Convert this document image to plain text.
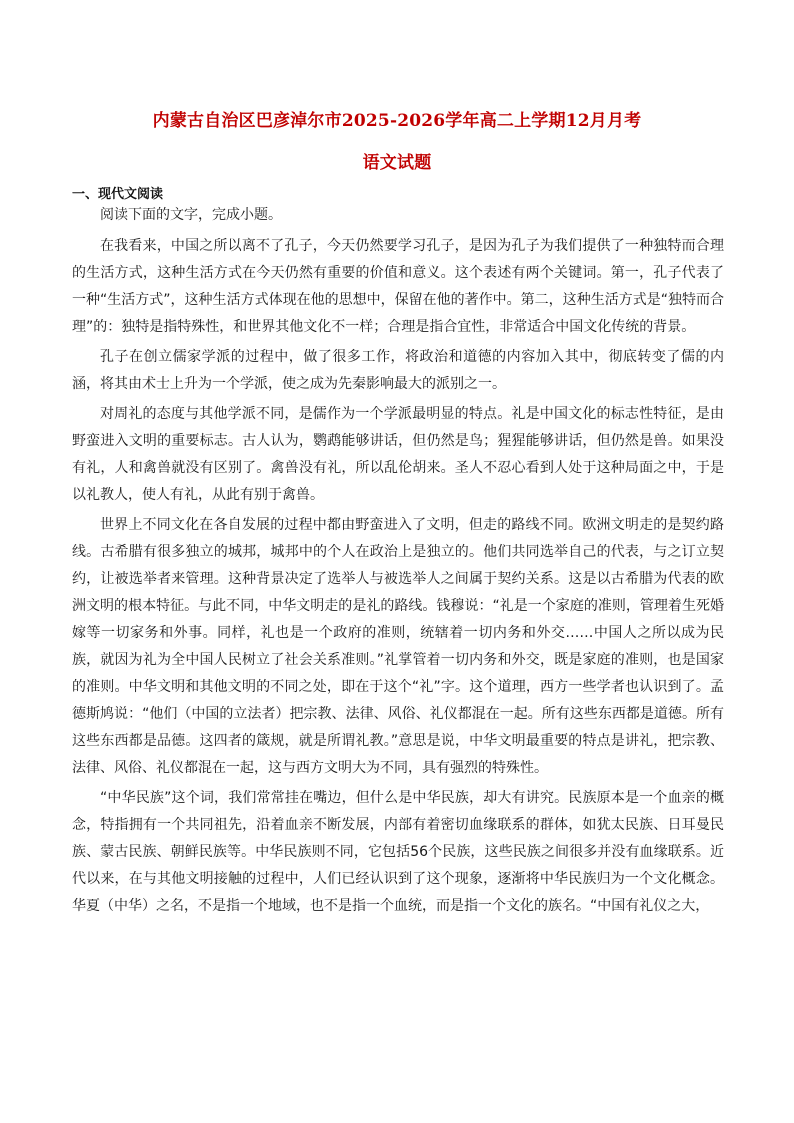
内蒙古自治区巴彦淖尔市2025-2026学年高二上学期12月月考
语文试题
一、现代文阅读

阅读下面的文字，完成小题。

在我看来，中国之所以离不了孔子，今天仍然要学习孔子，是因为孔子为我们提供了一种独特而合理的生活方式，这种生活方式在今天仍然有重要的价值和意义。这个表述有两个关键词。第一，孔子代表了一种“生活方式”，这种生活方式体现在他的思想中，保留在他的著作中。第二，这种生活方式是“独特而合理”的：独特是指特殊性，和世界其他文化不一样；合理是指合宜性，非常适合中国文化传统的背景。

孔子在创立儒家学派的过程中，做了很多工作，将政治和道德的内容加入其中，彻底转变了儒的内涵，将其由术士上升为一个学派，使之成为先秦影响最大的派别之一。

对周礼的态度与其他学派不同，是儒作为一个学派最明显的特点。礼是中国文化的标志性特征，是由野蛮进入文明的重要标志。古人认为，鹦鹉能够讲话，但仍然是鸟；猩猩能够讲话，但仍然是兽。如果没有礼，人和禽兽就没有区别了。禽兽没有礼，所以乱伦胡来。圣人不忍心看到人处于这种局面之中，于是以礼教人，使人有礼，从此有别于禽兽。

世界上不同文化在各自发展的过程中都由野蛮进入了文明，但走的路线不同。欧洲文明走的是契约路线。古希腊有很多独立的城邦，城邦中的个人在政治上是独立的。他们共同选举自己的代表，与之订立契约，让被选举者来管理。这种背景决定了选举人与被选举人之间属于契约关系。这是以古希腊为代表的欧洲文明的根本特征。与此不同，中华文明走的是礼的路线。钱穆说：“礼是一个家庭的准则，管理着生死婚嫁等一切家务和外事。同样，礼也是一个政府的准则，统辖着一切内务和外交……中国人之所以成为民族，就因为礼为全中国人民树立了社会关系准则。”礼掌管着一切内务和外交，既是家庭的准则，也是国家的准则。中华文明和其他文明的不同之处，即在于这个“礼”字。这个道理，西方一些学者也认识到了。孟德斯鸠说：“他们（中国的立法者）把宗教、法律、风俗、礼仪都混在一起。所有这些东西都是道德。所有这些东西都是品德。这四者的箴规，就是所谓礼教。”意思是说，中华文明最重要的特点是讲礼，把宗教、法律、风俗、礼仪都混在一起，这与西方文明大为不同，具有强烈的特殊性。

“中华民族”这个词，我们常常挂在嘴边，但什么是中华民族，却大有讲究。民族原本是一个血亲的概念，特指拥有一个共同祖先，沿着血亲不断发展，内部有着密切血缘联系的群体，如犹太民族、日耳曼民族、蒙古民族、朝鲜民族等。中华民族则不同，它包括56个民族，这些民族之间很多并没有血缘联系。近代以来，在与其他文明接触的过程中，人们已经认识到了这个现象，逐渐将中华民族归为一个文化概念。华夏（中华）之名，不是指一个地域，也不是指一个血统，而是指一个文化的族名。“中国有礼仪之大，
